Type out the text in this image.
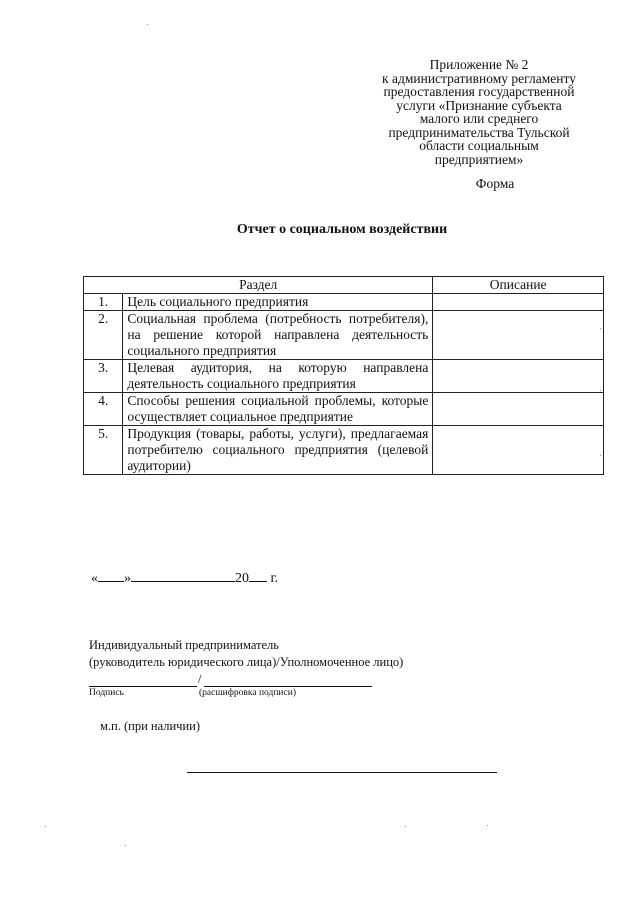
Приложение № 2
к административному регламенту
предоставления государственной
услуги «Признание субъекта
малого или среднего
предпринимательства Тульской
области социальным
предприятием»
Форма
Отчет о социальном воздействии
Раздел		Описание
1.	Цель социального предприятия	
2.	Социальная проблема (потребность потребителя), на решение которой направлена деятельность социального предприятия	
3.	Целевая аудитория, на которую направлена деятельность социального предприятия	
4.	Способы решения социальной проблемы, которые осуществляет социальное предприятие	
5.	Продукция (товары, работы, услуги), предлагаемая потребителю социального предприятия (целевой аудитории)	
« »	20 г.
Индивидуальный предприниматель
(руководитель юридического лица)/Уполномоченное лицо)
/
Подпись	(расшифровка подписи)
м.п. (при наличии)
